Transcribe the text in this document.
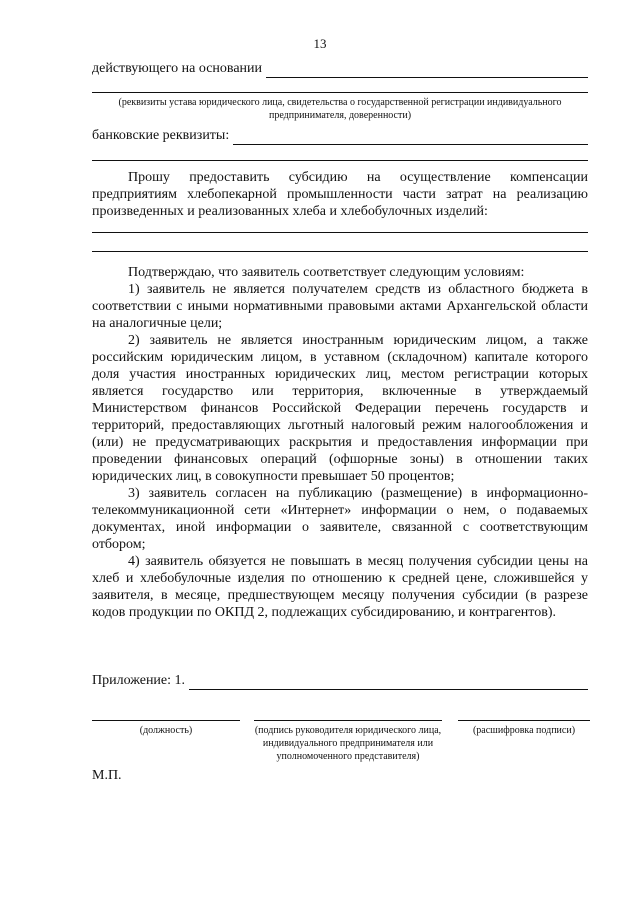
13
действующего на основании
(реквизиты устава юридического лица, свидетельства о государственной регистрации индивидуального предпринимателя, доверенности)
банковские реквизиты:

Прошу предоставить субсидию на осуществление компенсации предприятиям хлебопекарной промышленности части затрат на реализацию произведенных и реализованных хлеба и хлебобулочных изделий:

Подтверждаю, что заявитель соответствует следующим условиям:

1) заявитель не является получателем средств из областного бюджета в соответствии с иными нормативными правовыми актами Архангельской области на аналогичные цели;

2) заявитель не является иностранным юридическим лицом, а также российским юридическим лицом, в уставном (складочном) капитале которого доля участия иностранных юридических лиц, местом регистрации которых является государство или территория, включенные в утверждаемый Министерством финансов Российской Федерации перечень государств и территорий, предоставляющих льготный налоговый режим налогообложения и (или) не предусматривающих раскрытия и предоставления информации при проведении финансовых операций (офшорные зоны) в отношении таких юридических лиц, в совокупности превышает 50 процентов;

3) заявитель согласен на публикацию (размещение) в информационно-телекоммуникационной сети «Интернет» информации о нем, о подаваемых документах, иной информации о заявителе, связанной с соответствующим отбором;

4) заявитель обязуется не повышать в месяц получения субсидии цены на хлеб и хлебобулочные изделия по отношению к средней цене, сложившейся у заявителя, в месяце, предшествующем месяцу получения субсидии (в разрезе кодов продукции по ОКПД 2, подлежащих субсидированию, и контрагентов).

Приложение: 1.
(должность)	(подпись руководителя юридического лица, индивидуального предпринимателя или уполномоченного представителя)
(расшифровка подписи)
М.П.
